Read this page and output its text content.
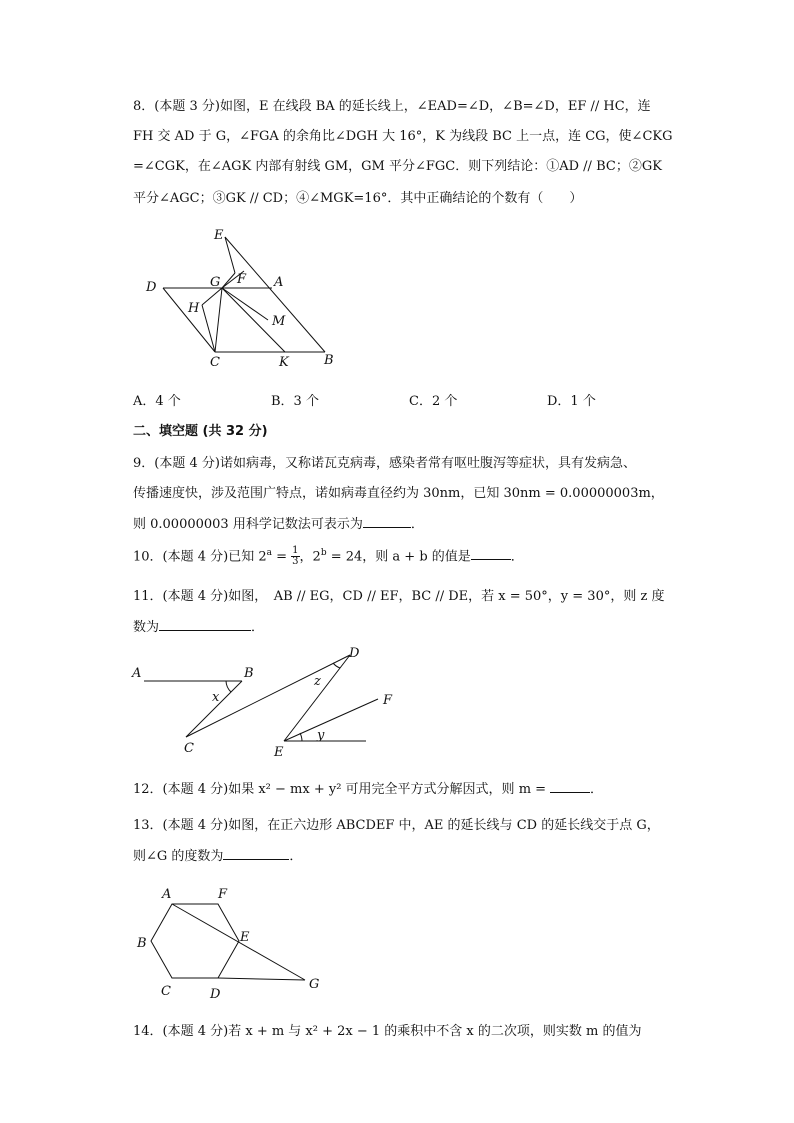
8．(本题 3 分)如图，E 在线段 BA 的延长线上，∠EAD=∠D，∠B=∠D，EF // HC，连
FH 交 AD 于 G，∠FGA 的余角比∠DGH 大 16°，K 为线段 BC 上一点，连 CG，使∠CKG
=∠CGK，在∠AGK 内部有射线 GM，GM 平分∠FGC．则下列结论：①AD // BC；②GK
平分∠AGC；③GK // CD；④∠MGK=16°．其中正确结论的个数有（　　）
E
F
G	A
D
H
M
C	K	B
A．4 个	B．3 个	C．2 个	D．1 个
二、填空题 (共 32 分)
9．(本题 4 分)诺如病毒，又称诺瓦克病毒，感染者常有呕吐腹泻等症状，具有发病急、
传播速度快，涉及范围广特点，诺如病毒直径约为 30nm，已知 30nm = 0.00000003m，
则 0.00000003 用科学记数法可表示为	．
10．(本题 4 分)已知 $2^a = \frac{1}{3}$ ，$2^b = 24$，则 a + b 的值是	．
11．(本题 4 分)如图，　AB // EG，CD // EF，BC // DE，若 x = 50°，y = 30°，则 z 度
数为	．
A	B
x
D
z
F
C	E
y
12．(本题 4 分)如果 x² − mx + y² 可用完全平方式分解因式，则 m =	．
13．(本题 4 分)如图，在正六边形 ABCDEF 中，AE 的延长线与 CD 的延长线交于点 G，
则∠G 的度数为	．
A	F
B	E
C	D
G
14．(本题 4 分)若 x + m 与 x² + 2x − 1 的乘积中不含 x 的二次项，则实数 m 的值为
